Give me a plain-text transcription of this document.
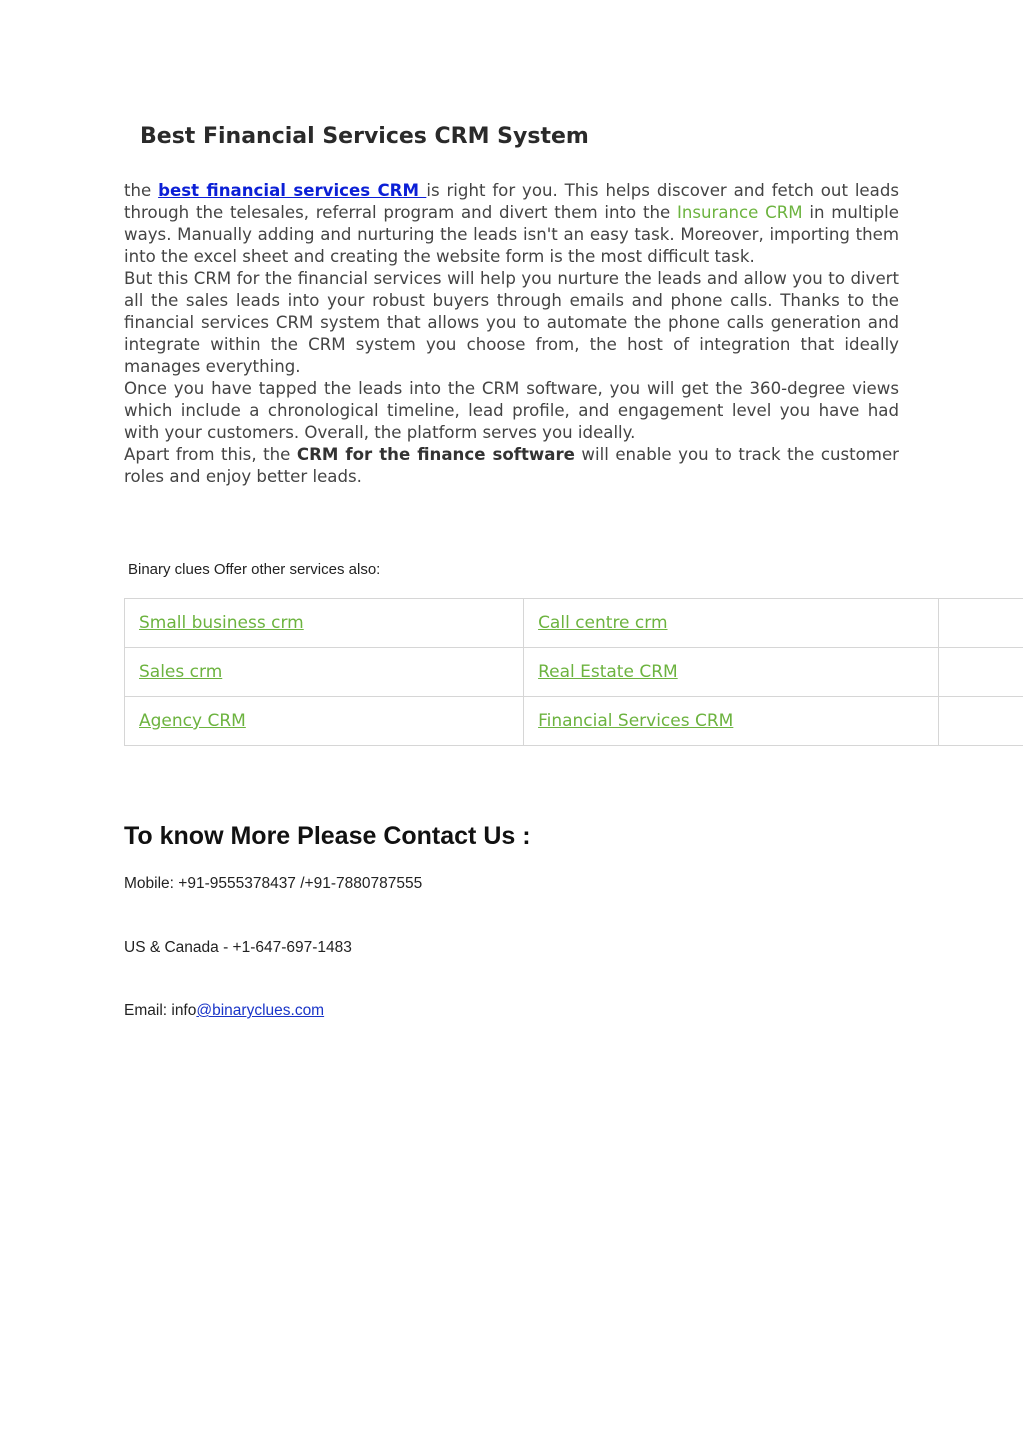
Best Financial Services CRM System

the best financial services CRM is right for you. This helps discover and fetch out leads through the telesales, referral program and divert them into the Insurance CRM in multiple ways. Manually adding and nurturing the leads isn't an easy task. Moreover, importing them into the excel sheet and creating the website form is the most difficult task.

But this CRM for the financial services will help you nurture the leads and allow you to divert all the sales leads into your robust buyers through emails and phone calls. Thanks to the financial services CRM system that allows you to automate the phone calls generation and integrate within the CRM system you choose from, the host of integration that ideally manages everything.

Once you have tapped the leads into the CRM software, you will get the 360-degree views which include a chronological timeline, lead profile, and engagement level you have had with your customers. Overall, the platform serves you ideally.

Apart from this, the CRM for the finance software will enable you to track the customer roles and enjoy better leads.

Binary clues Offer other services also:

Small business crm	Call centre crm	
Sales crm	Real Estate CRM	
Agency CRM	Financial Services CRM	
To know More Please Contact Us :

Mobile: +91-9555378437 /+91-7880787555

US & Canada - +1-647-697-1483

Email: info@binaryclues.com
